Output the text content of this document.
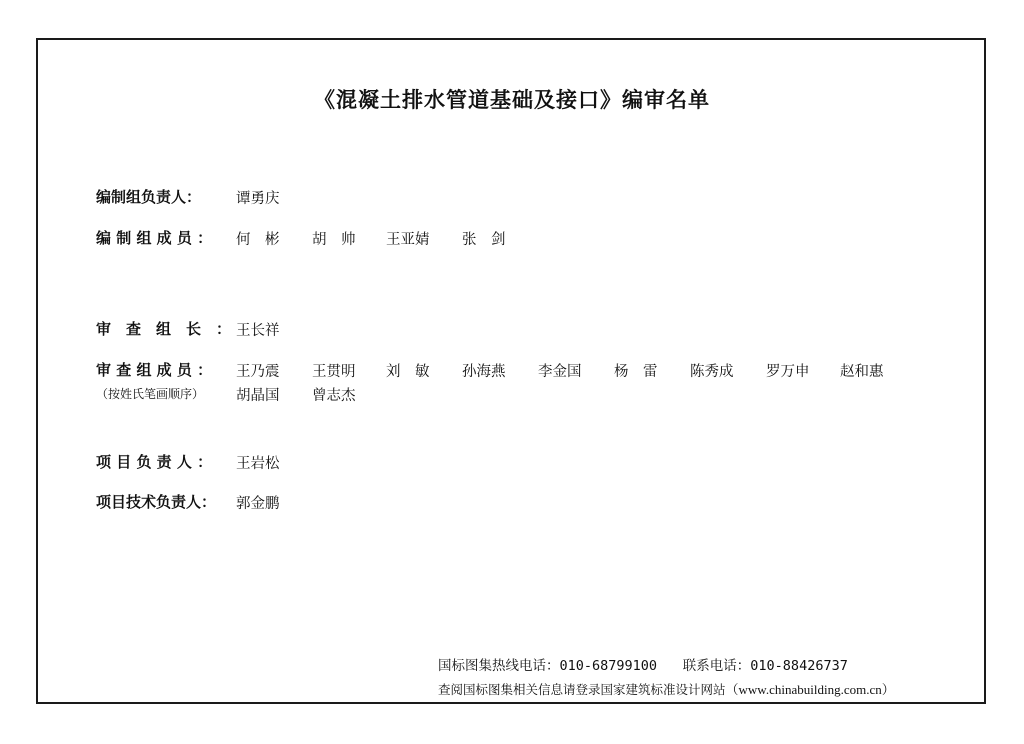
《混凝土排水管道基础及接口》编审名单
编制组负责人： 谭勇庆
编 制 组 成 员 ： 何　彬 胡　帅 王亚婧 张　剑
审　查　组　长　： 王长祥
审 查 组 成 员 ：
（按姓氏笔画顺序）
王乃震 王贯明 刘　敏 孙海燕 李金国 杨　雷 陈秀成 罗万申 赵和惠
胡晶国 曾志杰
项 目 负 责 人 ： 王岩松
项目技术负责人： 郭金鹏
国标图集热线电话：010-68799100 联系电话：010-88426737
查阅国标图集相关信息请登录国家建筑标准设计网站（www.chinabuilding.com.cn）
